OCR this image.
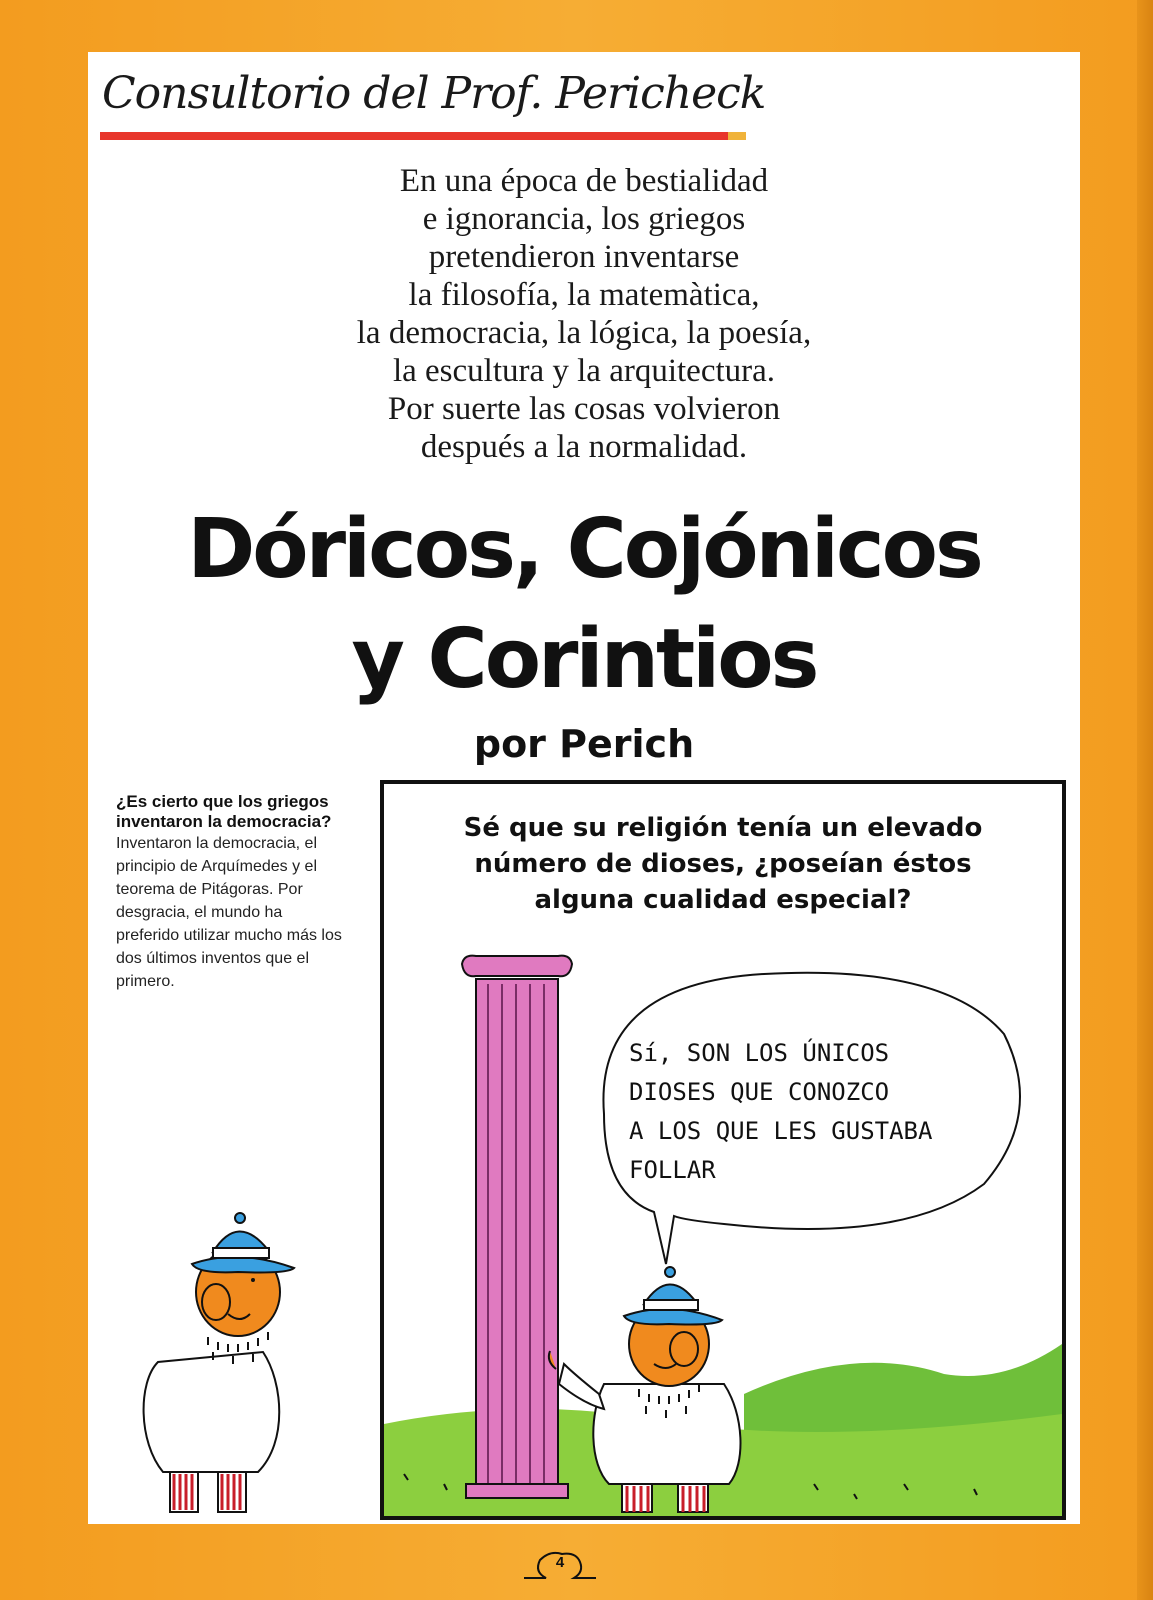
Consultorio del Prof. Pericheck
En una época de bestialidad
e ignorancia, los griegos
pretendieron inventarse
la filosofía, la matemàtica,
la democracia, la lógica, la poesía,
la escultura y la arquitectura.
Por suerte las cosas volvieron
después a la normalidad.
Dóricos, Cojónicos
y Corintios
por Perich
¿Es cierto que los griegos inventaron la democracia?
Inventaron la democracia, el principio de Arquímedes y el teorema de Pitágoras. Por desgracia, el mundo ha preferido utilizar mucho más los dos últimos inventos que el primero.
Sé que su religión tenía un elevado
número de dioses, ¿poseían éstos
alguna cualidad especial?
Sí, SON LOS ÚNICOS
DIOSES QUE CONOZCO
A LOS QUE LES GUSTABA
FOLLAR
4
